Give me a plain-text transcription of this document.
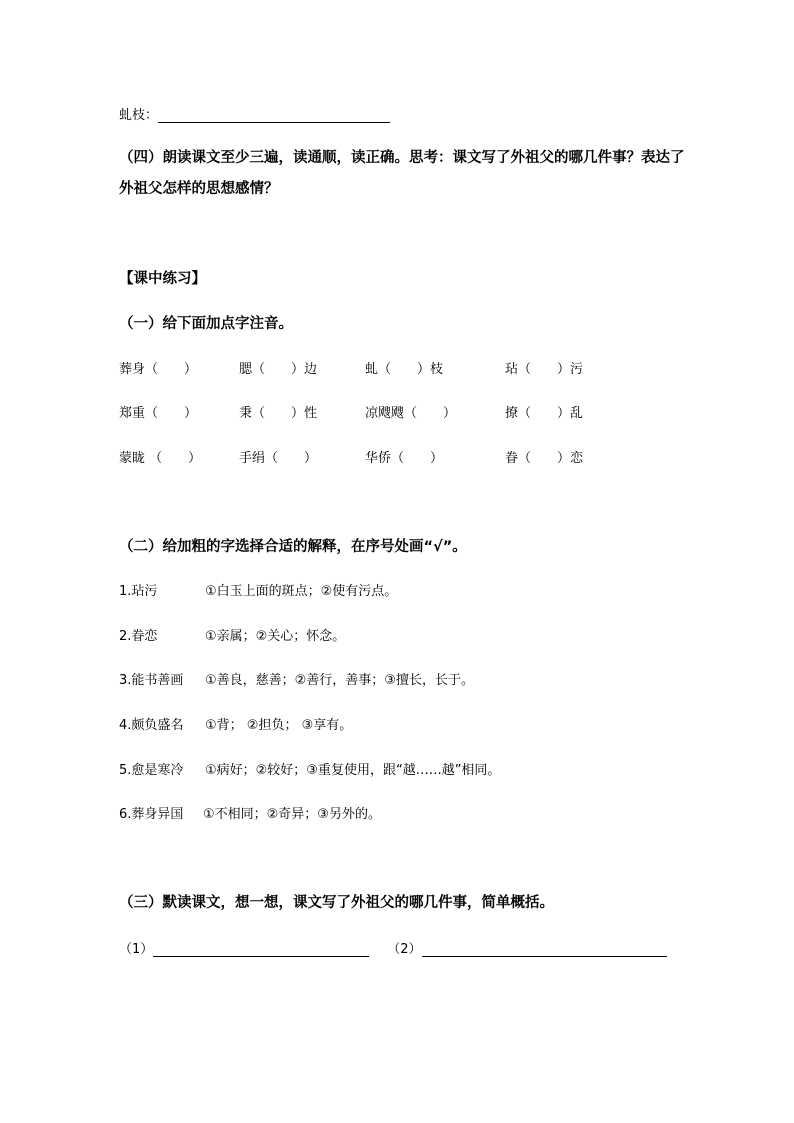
虬枝：
（四）朗读课文至少三遍，读通顺，读正确。思考：课文写了外祖父的哪几件事？表达了
外祖父怎样的思想感情？
【课中练习】
（一）给下面加点字注音。
葬身（　　）	腮（　　）边	虬（　　）枝	玷（　　）污
郑重（　　）	秉（　　）性	凉飕飕（　　）	撩（　　）乱
蒙眬 （　　）	手绢（　　）	华侨（　　）	眷（　　）恋
（二）给加粗的字选择合适的解释，在序号处画“√”。
1.玷污	①白玉上面的斑点；②使有污点。
2.眷恋	①亲属；②关心；怀念。
3.能书善画 ①善良，慈善；②善行，善事；③擅长，长于。
4.颇负盛名 ①背； ②担负； ③享有。
5.愈是寒冷 ①病好；②较好；③重复使用，跟“越……越”相同。
6.葬身异国 ①不相同；②奇异；③另外的。
（三）默读课文，想一想，课文写了外祖父的哪几件事，简单概括。
（1）	（2）
